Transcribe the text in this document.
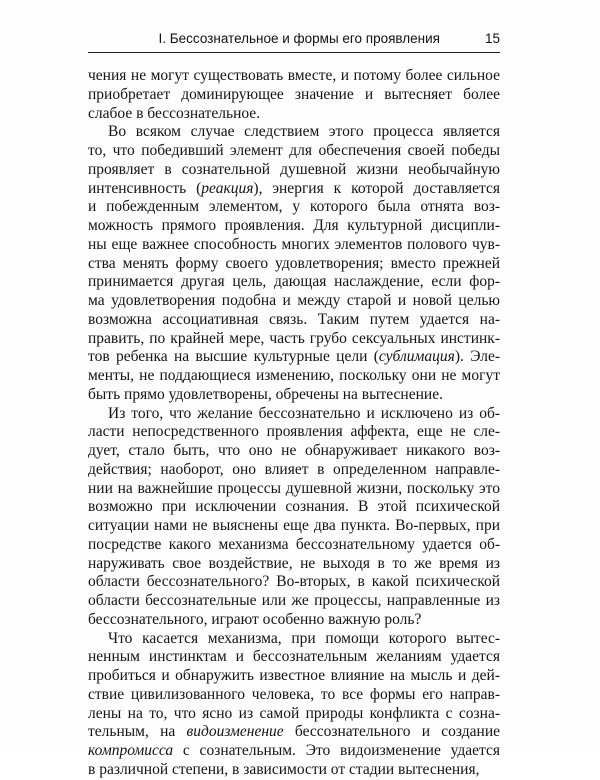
I. Бессознательное и формы его проявления	15

чения не могут существовать вместе, и потому более сильное
приобретает доминирующее значение и вытесняет более
слабое в бессознательное.

Во всяком случае следствием этого процесса является
то, что победивший элемент для обеспечения своей победы
проявляет в сознательной душевной жизни необычайную
интенсивность (реакция), энергия к которой доставляется
и побежденным элементом, у которого была отнята воз-
можность прямого проявления. Для культурной дисципли-
ны еще важнее способность многих элементов полового чув-
ства менять форму своего удовлетворения; вместо прежней
принимается другая цель, дающая наслаждение, если фор-
ма удовлетворения подобна и между старой и новой целью
возможна ассоциативная связь. Таким путем удается на-
править, по крайней мере, часть грубо сексуальных инстинк-
тов ребенка на высшие культурные цели (сублимация). Эле-
менты, не поддающиеся изменению, поскольку они не могут
быть прямо удовлетворены, обречены на вытеснение.

Из того, что желание бессознательно и исключено из об-
ласти непосредственного проявления аффекта, еще не сле-
дует, стало быть, что оно не обнаруживает никакого воз-
действия; наоборот, оно влияет в определенном направле-
нии на важнейшие процессы душевной жизни, поскольку это
возможно при исключении сознания. В этой психической
ситуации нами не выяснены еще два пункта. Во-первых, при
посредстве какого механизма бессознательному удается об-
наруживать свое воздействие, не выходя в то же время из
области бессознательного? Во-вторых, в какой психической
области бессознательные или же процессы, направленные из
бессознательного, играют особенно важную роль?

Что касается механизма, при помощи которого вытес-
ненным инстинктам и бессознательным желаниям удается
пробиться и обнаружить известное влияние на мысль и дей-
ствие цивилизованного человека, то все формы его направ-
лены на то, что ясно из самой природы конфликта с созна-
тельным, на видоизменение бессознательного и создание
компромисса с сознательным. Это видоизменение удается
в различной степени, в зависимости от стадии вытеснения,
